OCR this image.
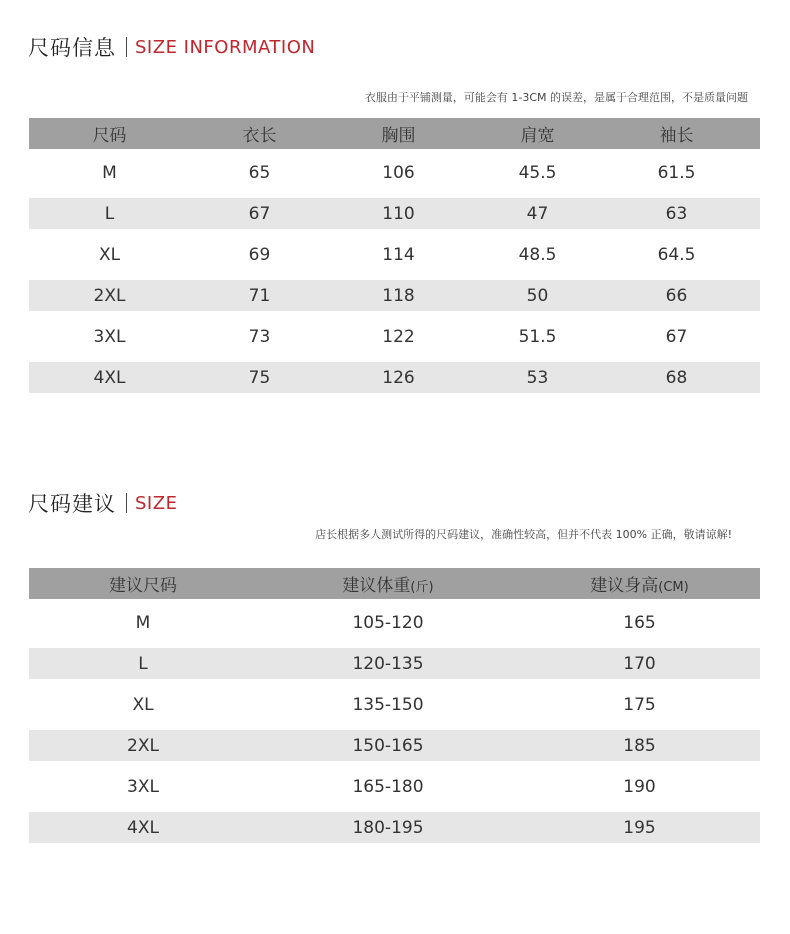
尺码信息 SIZE INFORMATION
衣服由于平铺测量，可能会有 1-3CM 的误差，是属于合理范围，不是质量问题
尺码	衣长	胸围	肩宽	袖长
M	65	106	45.5	61.5
L	67	110	47	63
XL	69	114	48.5	64.5
2XL	71	118	50	66
3XL	73	122	51.5	67
4XL	75	126	53	68
尺码建议 SIZE
店长根据多人测试所得的尺码建议，准确性较高，但并不代表 100% 正确，敬请谅解!
建议尺码	建议体重(斤)	建议身高(CM)
M	105-120	165
L	120-135	170
XL	135-150	175
2XL	150-165	185
3XL	165-180	190
4XL	180-195	195
